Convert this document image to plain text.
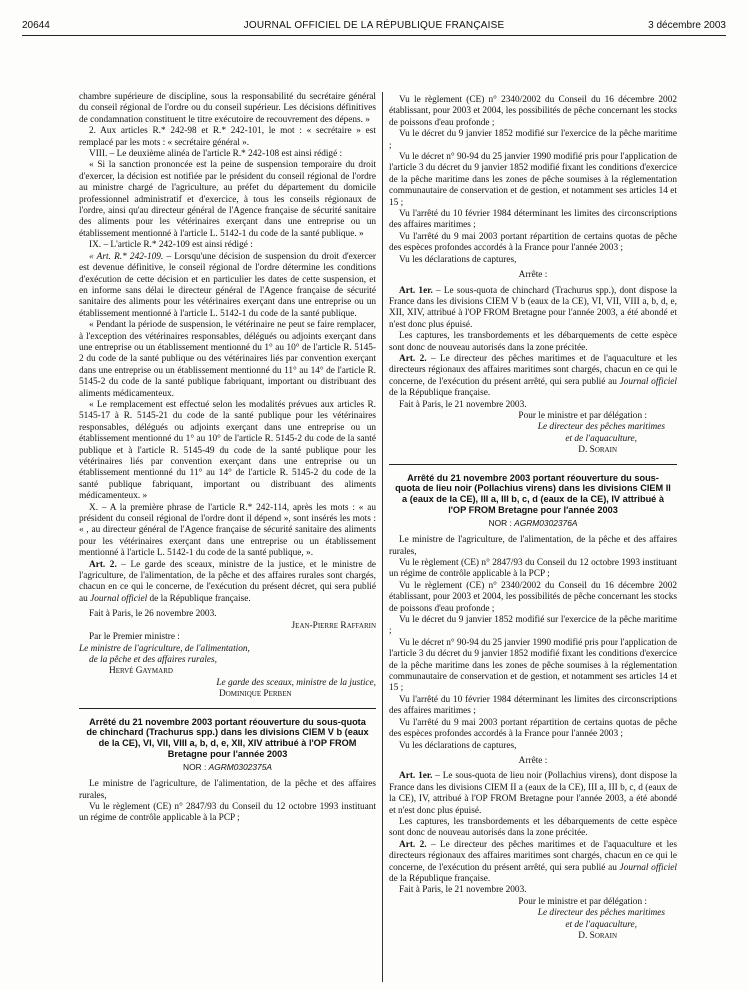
20644	JOURNAL OFFICIEL DE LA RÉPUBLIQUE FRANÇAISE	3 décembre 2003

chambre supérieure de discipline, sous la responsabilité du secrétaire général du conseil régional de l'ordre ou du conseil supérieur. Les décisions définitives de condamnation constituent le titre exécutoire de recouvrement des dépens. »

2. Aux articles R.* 242-98 et R.* 242-101, le mot : « secrétaire » est remplacé par les mots : « secrétaire général ».

VIII. – Le deuxième alinéa de l'article R.* 242-108 est ainsi rédigé :

« Si la sanction prononcée est la peine de suspension temporaire du droit d'exercer, la décision est notifiée par le président du conseil régional de l'ordre au ministre chargé de l'agriculture, au préfet du département du domicile professionnel administratif et d'exercice, à tous les conseils régionaux de l'ordre, ainsi qu'au directeur général de l'Agence française de sécurité sanitaire des aliments pour les vétérinaires exerçant dans une entreprise ou un établissement mentionné à l'article L. 5142-1 du code de la santé publique. »

IX. – L'article R.* 242-109 est ainsi rédigé :

« Art. R.* 242-109. – Lorsqu'une décision de suspension du droit d'exercer est devenue définitive, le conseil régional de l'ordre détermine les conditions d'exécution de cette décision et en particulier les dates de cette suspension, et en informe sans délai le directeur général de l'Agence française de sécurité sanitaire des aliments pour les vétérinaires exerçant dans une entreprise ou un établissement mentionné à l'article L. 5142-1 du code de la santé publique.

« Pendant la période de suspension, le vétérinaire ne peut se faire remplacer, à l'exception des vétérinaires responsables, délégués ou adjoints exerçant dans une entreprise ou un établissement mentionné du 1° au 10° de l'article R. 5145-2 du code de la santé publique ou des vétérinaires liés par convention exerçant dans une entreprise ou un établissement mentionné du 11° au 14° de l'article R. 5145-2 du code de la santé publique fabriquant, important ou distribuant des aliments médicamenteux.

« Le remplacement est effectué selon les modalités prévues aux articles R. 5145-17 à R. 5145-21 du code de la santé publique pour les vétérinaires responsables, délégués ou adjoints exerçant dans une entreprise ou un établissement mentionné du 1° au 10° de l'article R. 5145-2 du code de la santé publique et à l'article R. 5145-49 du code de la santé publique pour les vétérinaires liés par convention exerçant dans une entreprise ou un établissement mentionné du 11° au 14° de l'article R. 5145-2 du code de la santé publique fabriquant, important ou distribuant des aliments médicamenteux. »

X. – A la première phrase de l'article R.* 242-114, après les mots : « au président du conseil régional de l'ordre dont il dépend », sont insérés les mots : « , au directeur général de l'Agence française de sécurité sanitaire des aliments pour les vétérinaires exerçant dans une entreprise ou un établissement mentionné à l'article L. 5142-1 du code de la santé publique, ».

Art. 2. – Le garde des sceaux, ministre de la justice, et le ministre de l'agriculture, de l'alimentation, de la pêche et des affaires rurales sont chargés, chacun en ce qui le concerne, de l'exécution du présent décret, qui sera publié au Journal officiel de la République française.

Fait à Paris, le 26 novembre 2003.

Jean-Pierre Raffarin

Par le Premier ministre :

Le ministre de l'agriculture, de l'alimentation,

de la pêche et des affaires rurales,

Hervé Gaymard

Le garde des sceaux, ministre de la justice,

Dominique Perben

Arrêté du 21 novembre 2003 portant réouverture du sous-quota de chinchard (Trachurus spp.) dans les divisions CIEM V b (eaux de la CE), VI, VII, VIII a, b, d, e, XII, XIV attribué à l'OP FROM Bretagne pour l'année 2003

NOR : AGRM0302375A

Le ministre de l'agriculture, de l'alimentation, de la pêche et des affaires rurales,

Vu le règlement (CE) n° 2847/93 du Conseil du 12 octobre 1993 instituant un régime de contrôle applicable à la PCP ;

Vu le règlement (CE) n° 2340/2002 du Conseil du 16 décembre 2002 établissant, pour 2003 et 2004, les possibilités de pêche concernant les stocks de poissons d'eau profonde ;

Vu le décret du 9 janvier 1852 modifié sur l'exercice de la pêche maritime ;

Vu le décret n° 90-94 du 25 janvier 1990 modifié pris pour l'application de l'article 3 du décret du 9 janvier 1852 modifié fixant les conditions d'exercice de la pêche maritime dans les zones de pêche soumises à la réglementation communautaire de conservation et de gestion, et notamment ses articles 14 et 15 ;

Vu l'arrêté du 10 février 1984 déterminant les limites des circonscriptions des affaires maritimes ;

Vu l'arrêté du 9 mai 2003 portant répartition de certains quotas de pêche des espèces profondes accordés à la France pour l'année 2003 ;

Vu les déclarations de captures,

Arrête :

Art. 1er. – Le sous-quota de chinchard (Trachurus spp.), dont dispose la France dans les divisions CIEM V b (eaux de la CE), VI, VII, VIII a, b, d, e, XII, XIV, attribué à l'OP FROM Bretagne pour l'année 2003, a été abondé et n'est donc plus épuisé.

Les captures, les transbordements et les débarquements de cette espèce sont donc de nouveau autorisés dans la zone précitée.

Art. 2. – Le directeur des pêches maritimes et de l'aquaculture et les directeurs régionaux des affaires maritimes sont chargés, chacun en ce qui le concerne, de l'exécution du présent arrêté, qui sera publié au Journal officiel de la République française.

Fait à Paris, le 21 novembre 2003.

Pour le ministre et par délégation :

Le directeur des pêches maritimes

et de l'aquaculture,

D. Sorain

Arrêté du 21 novembre 2003 portant réouverture du sous-quota de lieu noir (Pollachius virens) dans les divisions CIEM II a (eaux de la CE), III a, III b, c, d (eaux de la CE), IV attribué à l'OP FROM Bretagne pour l'année 2003

NOR : AGRM0302376A

Le ministre de l'agriculture, de l'alimentation, de la pêche et des affaires rurales,

Vu le règlement (CE) n° 2847/93 du Conseil du 12 octobre 1993 instituant un régime de contrôle applicable à la PCP ;

Vu le règlement (CE) n° 2340/2002 du Conseil du 16 décembre 2002 établissant, pour 2003 et 2004, les possibilités de pêche concernant les stocks de poissons d'eau profonde ;

Vu le décret du 9 janvier 1852 modifié sur l'exercice de la pêche maritime ;

Vu le décret n° 90-94 du 25 janvier 1990 modifié pris pour l'application de l'article 3 du décret du 9 janvier 1852 modifié fixant les conditions d'exercice de la pêche maritime dans les zones de pêche soumises à la réglementation communautaire de conservation et de gestion, et notamment ses articles 14 et 15 ;

Vu l'arrêté du 10 février 1984 déterminant les limites des circonscriptions des affaires maritimes ;

Vu l'arrêté du 9 mai 2003 portant répartition de certains quotas de pêche des espèces profondes accordés à la France pour l'année 2003 ;

Vu les déclarations de captures,

Arrête :

Art. 1er. – Le sous-quota de lieu noir (Pollachius virens), dont dispose la France dans les divisions CIEM II a (eaux de la CE), III a, III b, c, d (eaux de la CE), IV, attribué à l'OP FROM Bretagne pour l'année 2003, a été abondé et n'est donc plus épuisé.

Les captures, les transbordements et les débarquements de cette espèce sont donc de nouveau autorisés dans la zone précitée.

Art. 2. – Le directeur des pêches maritimes et de l'aquaculture et les directeurs régionaux des affaires maritimes sont chargés, chacun en ce qui le concerne, de l'exécution du présent arrêté, qui sera publié au Journal officiel de la République française.

Fait à Paris, le 21 novembre 2003.

Pour le ministre et par délégation :

Le directeur des pêches maritimes

et de l'aquaculture,

D. Sorain
